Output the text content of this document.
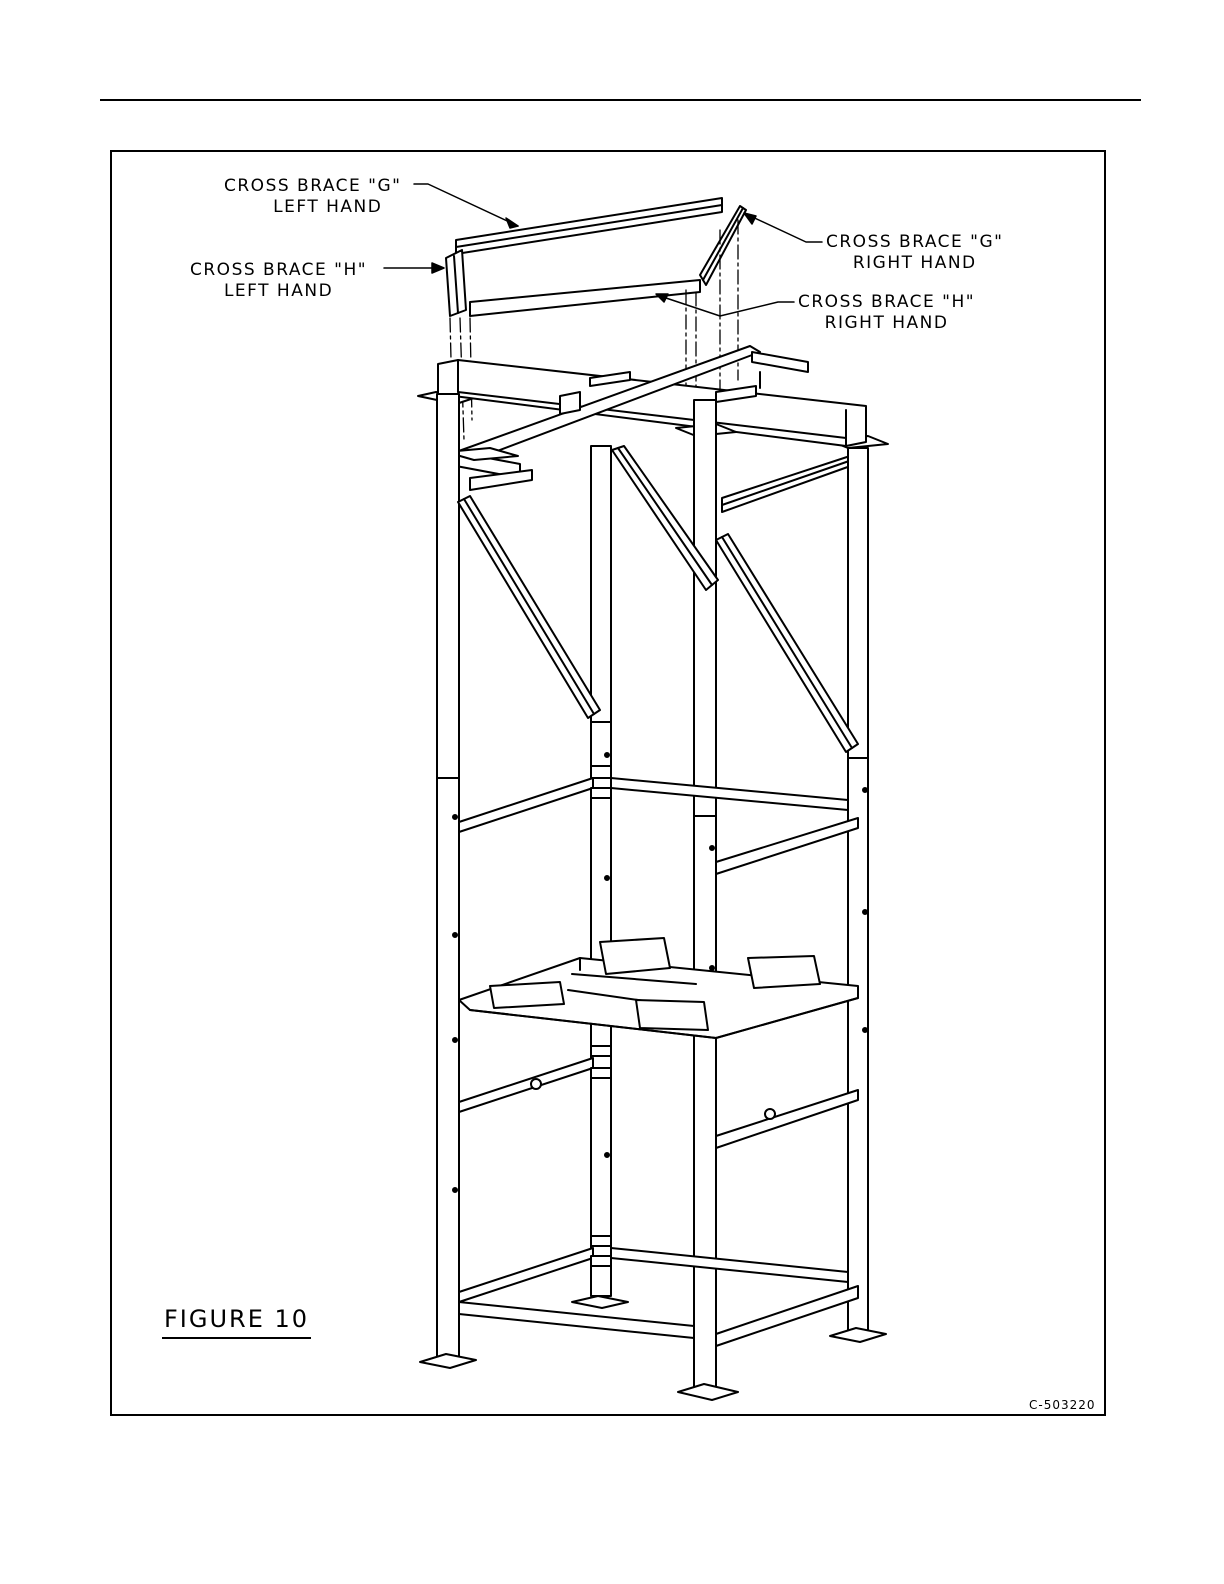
CROSS BRACE "G"
LEFT HAND
CROSS BRACE "H"
LEFT HAND
CROSS BRACE "G"
RIGHT HAND
CROSS BRACE "H"
RIGHT HAND
FIGURE 10
C-503220
